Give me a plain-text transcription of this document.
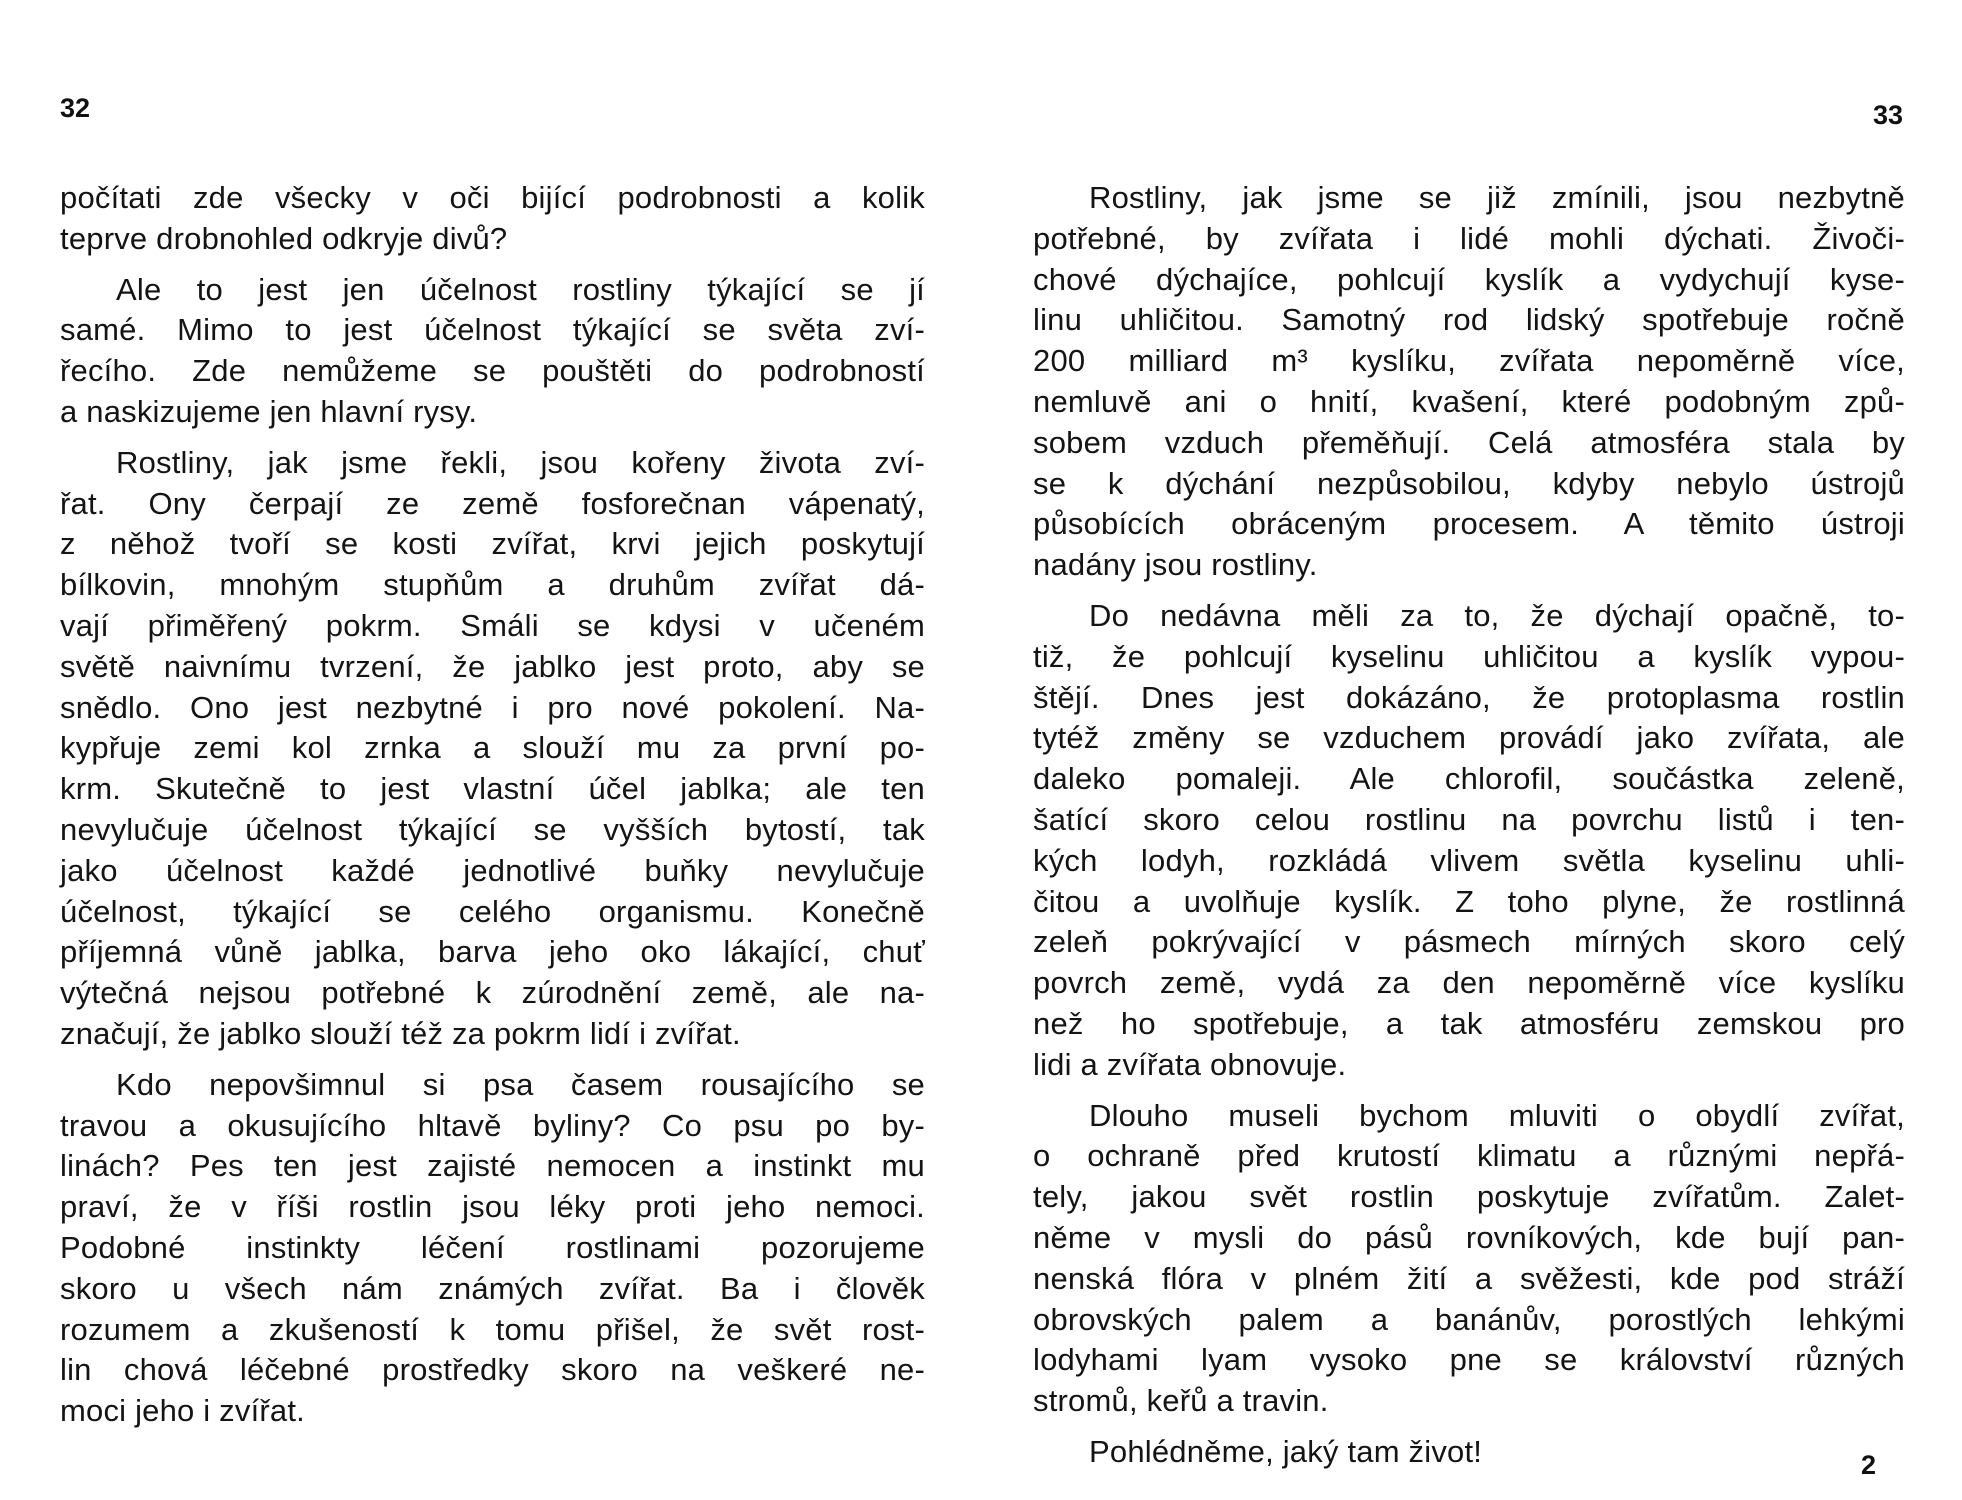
32
počítati zde všecky v oči bijící podrobnosti a kolik
teprve drobnohled odkryje divů?
Ale to jest jen účelnost rostliny týkající se jí
samé. Mimo to jest účelnost týkající se světa zví-
řecího. Zde nemůžeme se pouštěti do podrobností
a naskizujeme jen hlavní rysy.
Rostliny, jak jsme řekli, jsou kořeny života zví-
řat. Ony čerpají ze země fosforečnan vápenatý,
z něhož tvoří se kosti zvířat, krvi jejich poskytují
bílkovin, mnohým stupňům a druhům zvířat dá-
vají přiměřený pokrm. Smáli se kdysi v učeném
světě naivnímu tvrzení, že jablko jest proto, aby se
snědlo. Ono jest nezbytné i pro nové pokolení. Na-
kypřuje zemi kol zrnka a slouží mu za první po-
krm. Skutečně to jest vlastní účel jablka; ale ten
nevylučuje účelnost týkající se vyšších bytostí, tak
jako účelnost každé jednotlivé buňky nevylučuje
účelnost, týkající se celého organismu. Konečně
příjemná vůně jablka, barva jeho oko lákající, chuť
výtečná nejsou potřebné k zúrodnění země, ale na-
značují, že jablko slouží též za pokrm lidí i zvířat.
Kdo nepovšimnul si psa časem rousajícího se
travou a okusujícího hltavě byliny? Co psu po by-
linách? Pes ten jest zajisté nemocen a instinkt mu
praví, že v říši rostlin jsou léky proti jeho nemoci.
Podobné instinkty léčení rostlinami pozorujeme
skoro u všech nám známých zvířat. Ba i člověk
rozumem a zkušeností k tomu přišel, že svět rost-
lin chová léčebné prostředky skoro na veškeré ne-
moci jeho i zvířat.
33
Rostliny, jak jsme se již zmínili, jsou nezbytně
potřebné, by zvířata i lidé mohli dýchati. Živoči-
chové dýchajíce, pohlcují kyslík a vydychují kyse-
linu uhličitou. Samotný rod lidský spotřebuje ročně
200 milliard m³ kyslíku, zvířata nepoměrně více,
nemluvě ani o hnití, kvašení, které podobným způ-
sobem vzduch přeměňují. Celá atmosféra stala by
se k dýchání nezpůsobilou, kdyby nebylo ústrojů
působících obráceným procesem. A těmito ústroji
nadány jsou rostliny.
Do nedávna měli za to, že dýchají opačně, to-
tiž, že pohlcují kyselinu uhličitou a kyslík vypou-
štějí. Dnes jest dokázáno, že protoplasma rostlin
tytéž změny se vzduchem provádí jako zvířata, ale
daleko pomaleji. Ale chlorofil, součástka zeleně,
šatící skoro celou rostlinu na povrchu listů i ten-
kých lodyh, rozkládá vlivem světla kyselinu uhli-
čitou a uvolňuje kyslík. Z toho plyne, že rostlinná
zeleň pokrývající v pásmech mírných skoro celý
povrch země, vydá za den nepoměrně více kyslíku
než ho spotřebuje, a tak atmosféru zemskou pro
lidi a zvířata obnovuje.
Dlouho museli bychom mluviti o obydlí zvířat,
o ochraně před krutostí klimatu a různými nepřá-
tely, jakou svět rostlin poskytuje zvířatům. Zalet-
něme v mysli do pásů rovníkových, kde bují pan-
nenská flóra v plném žití a svěžesti, kde pod stráží
obrovských palem a banánův, porostlých lehkými
lodyhami lyam vysoko pne se království různých
stromů, keřů a travin.
Pohlédněme, jaký tam život!	2
